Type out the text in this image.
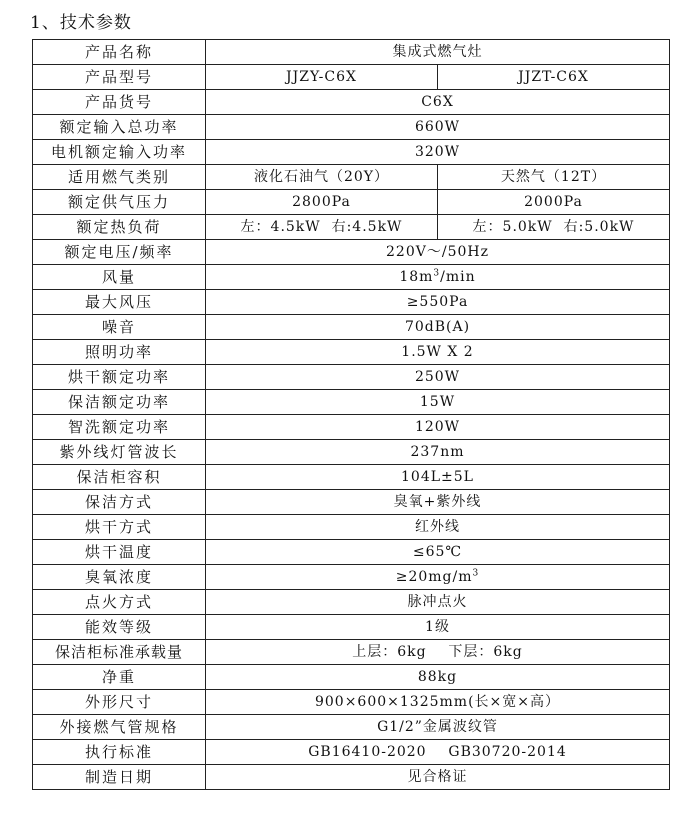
1、技术参数
产品名称	集成式燃气灶	
产品型号	JJZY-C6X	JJZT-C6X
产品货号	C6X	
额定输入总功率	660W	
电机额定输入功率	320W	
适用燃气类别	液化石油气（20Y）	天然气（12T）
额定供气压力	2800Pa	2000Pa
额定热负荷	左：4.5kW  右:4.5kW	左：5.0kW  右:5.0kW
额定电压/频率	220V～/50Hz	
风量	$18m^3/\min$	
最大风压	≥550Pa	
噪音	70dB(A)	
照明功率	1.5W X 2	
烘干额定功率	250W	
保洁额定功率	15W	
智洗额定功率	120W	
紫外线灯管波长	237nm	
保洁柜容积	104L±5L	
保洁方式	臭氧+紫外线	
烘干方式	红外线	
烘干温度	≤65℃	
臭氧浓度	$\ge 20mg/m^3$
点火方式	脉冲点火	
能效等级	1级	
保洁柜标准承载量	上层：6kg    下层：6kg	
净重	88kg	
外形尺寸	900×600×1325mm(长×宽×高）	
外接燃气管规格	G1/2”金属波纹管	
执行标准	GB16410-2020    GB30720-2014	
制造日期	见合格证	
